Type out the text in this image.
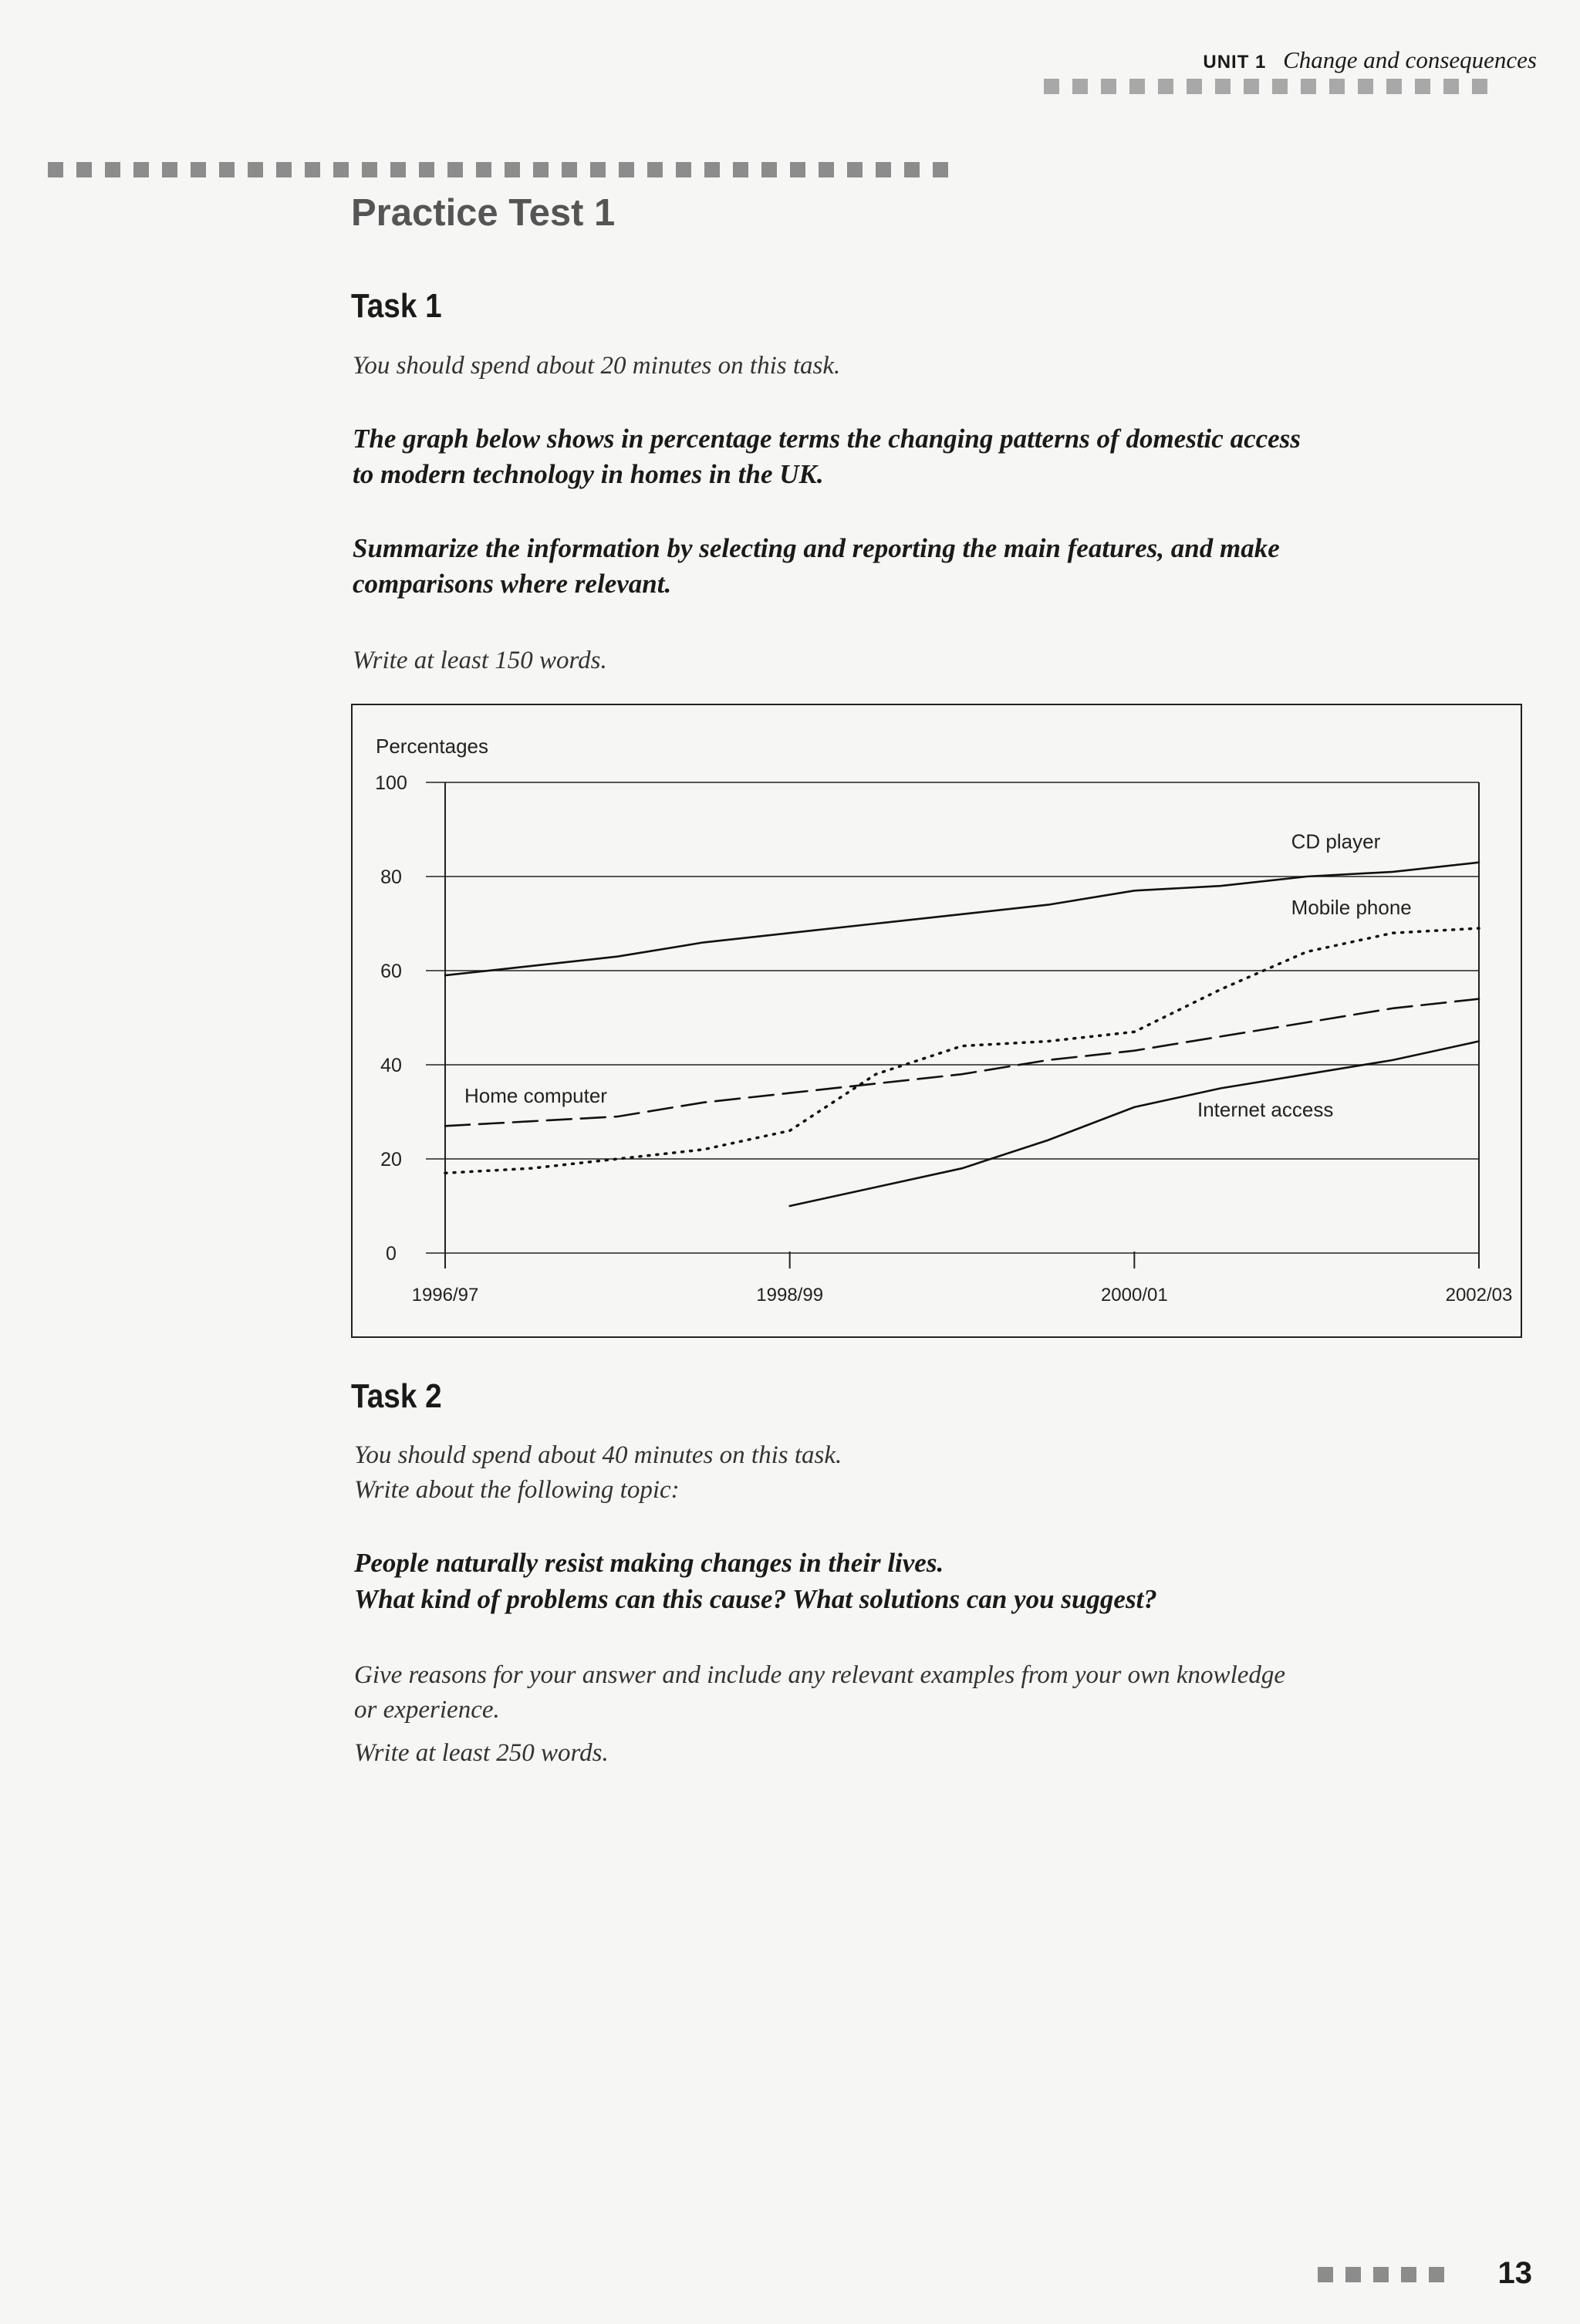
UNIT 1 Change and consequences
Practice Test 1
Task 1
You should spend about 20 minutes on this task.
The graph below shows in percentage terms the changing patterns of domestic access
to modern technology in homes in the UK.
Summarize the information by selecting and reporting the main features, and make
comparisons where relevant.
Write at least 150 words.
Percentages
0
20
40
60
80
100
1996/97	1998/99	2000/01	2002/03
CD player
Mobile phone
Home computer
Internet access
Task 2
You should spend about 40 minutes on this task.
Write about the following topic:
People naturally resist making changes in their lives.
What kind of problems can this cause? What solutions can you suggest?
Give reasons for your answer and include any relevant examples from your own knowledge
or experience.
Write at least 250 words.
13
